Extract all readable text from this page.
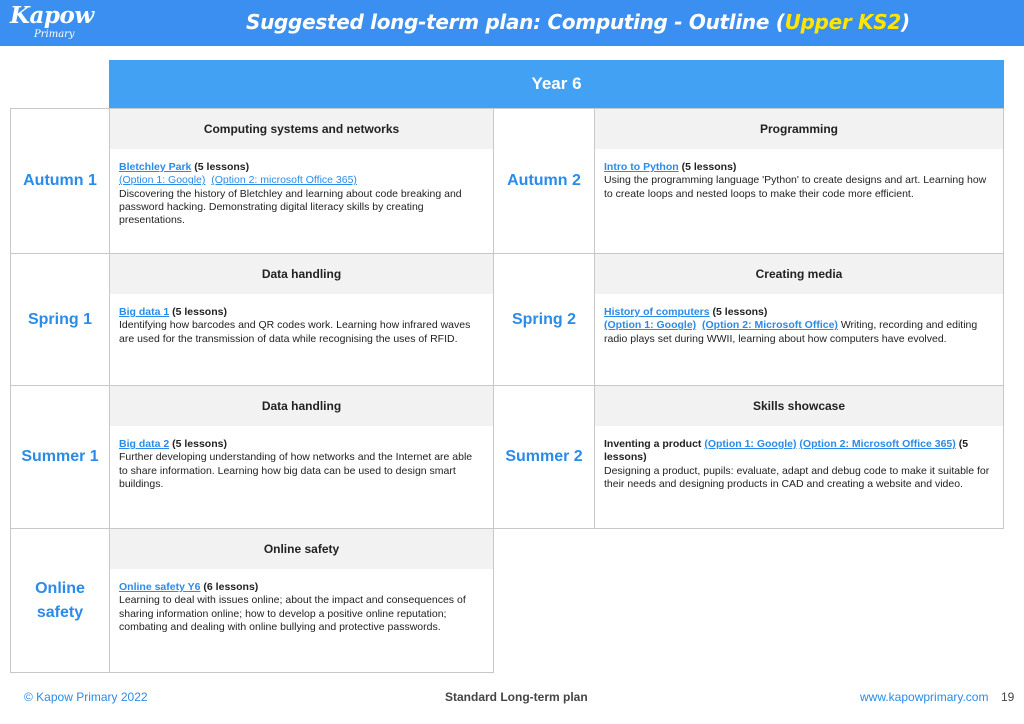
Kapow
Primary
Suggested long-term plan: Computing - Outline (Upper KS2)
Year 6
Autumn 1
Computing systems and networks
Bletchley Park (5 lessons)
(Option 1: Google) (Option 2: microsoft Office 365)
Discovering the history of Bletchley and learning about code breaking and password hacking. Demonstrating digital literacy skills by creating presentations.
Autumn 2
Programming
Intro to Python (5 lessons)
Using the programming language 'Python' to create designs and art. Learning how to create loops and nested loops to make their code more efficient.
Spring 1
Data handling
Big data 1 (5 lessons)
Identifying how barcodes and QR codes work. Learning how infrared waves are used for the transmission of data while recognising the uses of RFID.
Spring 2
Creating media
History of computers (5 lessons)
(Option 1: Google) (Option 2: Microsoft Office) Writing, recording and editing radio plays set during WWII, learning about how computers have evolved.
Summer 1
Data handling
Big data 2 (5 lessons)
Further developing understanding of how networks and the Internet are able to share information. Learning how big data can be used to design smart buildings.
Summer 2
Skills showcase
Inventing a product (Option 1: Google) (Option 2: Microsoft Office 365) (5 lessons)
Designing a product, pupils: evaluate, adapt and debug code to make it suitable for their needs and designing products in CAD and creating a website and video.
Online
safety
Online safety
Online safety Y6 (6 lessons)
Learning to deal with issues online; about the impact and consequences of sharing information online; how to develop a positive online reputation; combating and dealing with online bullying and protective passwords.
© Kapow Primary 2022	Standard Long-term plan	www.kapowprimary.com 19
